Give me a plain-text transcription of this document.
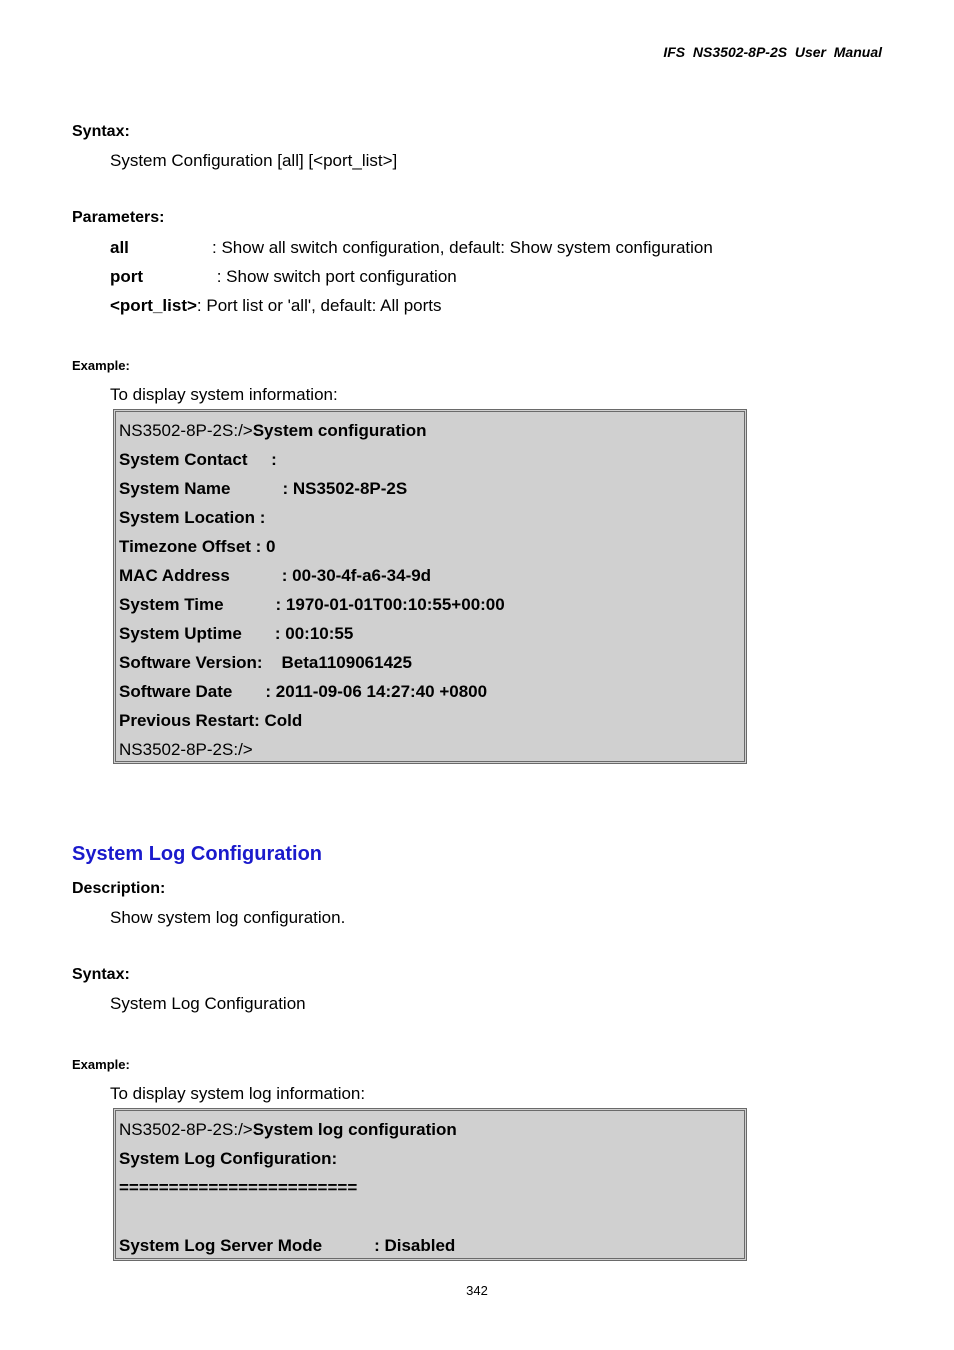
IFS  NS3502-8P-2S  User  Manual
Syntax:
System Configuration [all] [<port_list>]
Parameters:
all	: Show all switch configuration, default: Show system configuration
port	: Show switch port configuration
<port_list>: Port list or 'all', default: All ports
Example:
To display system information:
NS3502-8P-2S:/>System configuration
System Contact     :
System Name           : NS3502-8P-2S
System Location :
Timezone Offset : 0
MAC Address           : 00-30-4f-a6-34-9d
System Time           : 1970-01-01T00:10:55+00:00
System Uptime       : 00:10:55
Software Version:    Beta1109061425
Software Date       : 2011-09-06 14:27:40 +0800
Previous Restart: Cold
NS3502-8P-2S:/>
System Log Configuration
Description:
Show system log configuration.
Syntax:
System Log Configuration
Example:
To display system log information:
NS3502-8P-2S:/>System log configuration
System Log Configuration:
========================
System Log Server Mode           : Disabled
342
